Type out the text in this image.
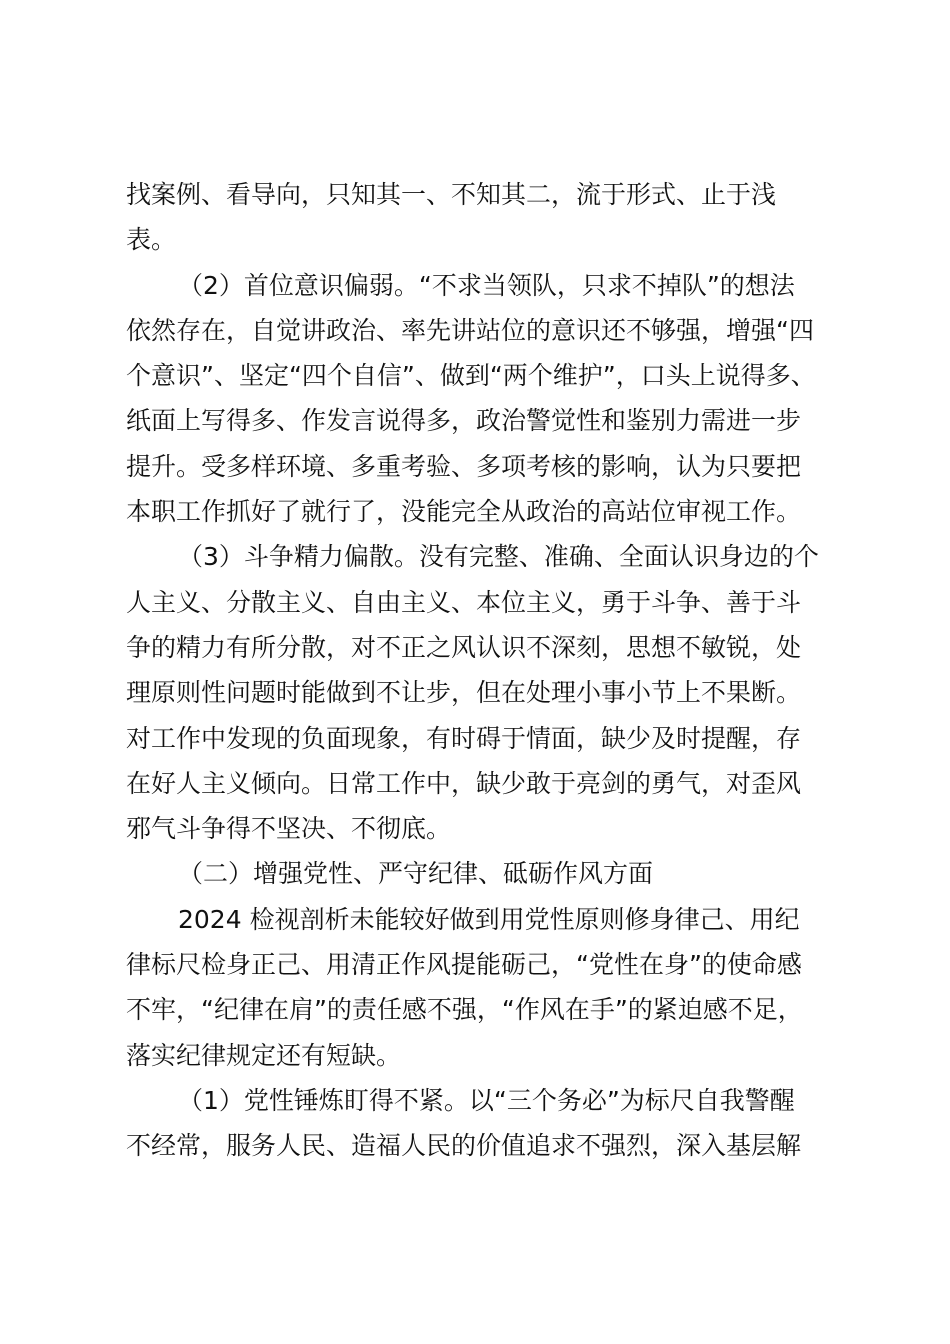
找案例、看导向，只知其一、不知其二，流于形式、止于浅
表。
（2）首位意识偏弱。“不求当领队，只求不掉队”的想法
依然存在，自觉讲政治、率先讲站位的意识还不够强，增强“四
个意识”、坚定“四个自信”、做到“两个维护”，口头上说得多、
纸面上写得多、作发言说得多，政治警觉性和鉴别力需进一步
提升。受多样环境、多重考验、多项考核的影响，认为只要把
本职工作抓好了就行了，没能完全从政治的高站位审视工作。
（3）斗争精力偏散。没有完整、准确、全面认识身边的个
人主义、分散主义、自由主义、本位主义，勇于斗争、善于斗
争的精力有所分散，对不正之风认识不深刻，思想不敏锐，处
理原则性问题时能做到不让步，但在处理小事小节上不果断。
对工作中发现的负面现象，有时碍于情面，缺少及时提醒，存
在好人主义倾向。日常工作中，缺少敢于亮剑的勇气，对歪风
邪气斗争得不坚决、不彻底。
（二）增强党性、严守纪律、砥砺作风方面
2024 检视剖析未能较好做到用党性原则修身律己、用纪
律标尺检身正己、用清正作风提能砺己，“党性在身”的使命感
不牢，“纪律在肩”的责任感不强，“作风在手”的紧迫感不足，
落实纪律规定还有短缺。
（1）党性锤炼盯得不紧。以“三个务必”为标尺自我警醒
不经常，服务人民、造福人民的价值追求不强烈，深入基层解
